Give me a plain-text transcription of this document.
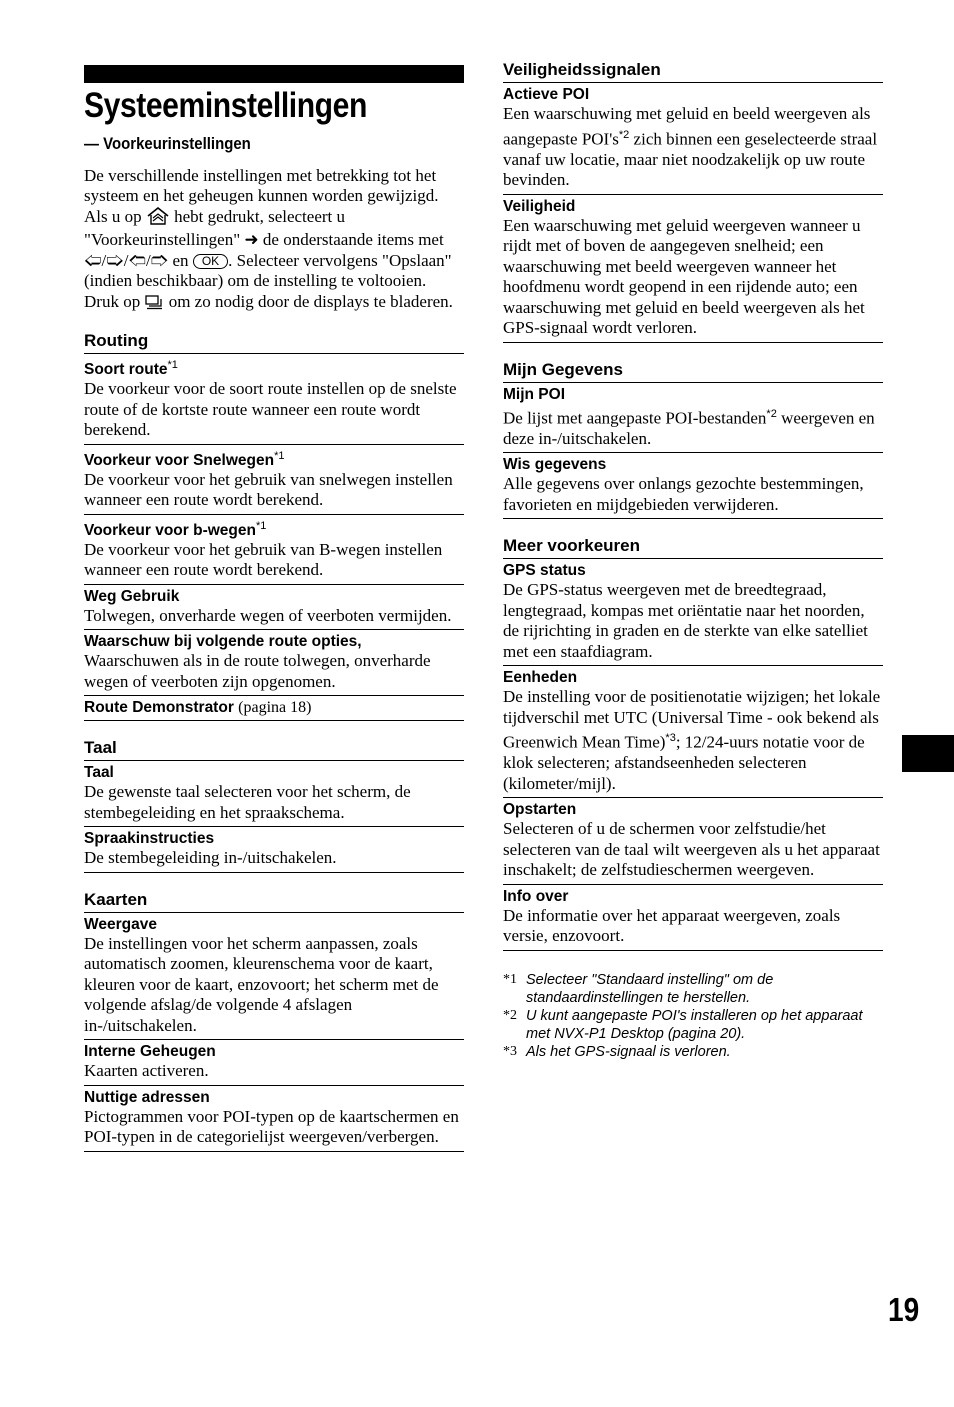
Systeeminstellingen
— Voorkeurinstellingen

De verschillende instellingen met betrekking tot het systeem en het geheugen kunnen worden gewijzigd.

Als u op hebt gedrukt, selecteert u "Voorkeurinstellingen" ➜ de onderstaande items met 🢠/🢡/🢢/🢣 en OK . Selecteer vervolgens "Opslaan" (indien beschikbaar) om de instelling te voltooien. Druk op om zo nodig door de displays te bladeren.

Routing
Soort route$^{*1}$
De voorkeur voor de soort route instellen op de snelste route of de kortste route wanneer een route wordt berekend.
Voorkeur voor Snelwegen$^{*1}$
De voorkeur voor het gebruik van snelwegen instellen wanneer een route wordt berekend.
Voorkeur voor b-wegen$^{*1}$
De voorkeur voor het gebruik van B-wegen instellen wanneer een route wordt berekend.
Weg Gebruik
Tolwegen, onverharde wegen of veerboten vermijden.
Waarschuw bij volgende route opties,
Waarschuwen als in de route tolwegen, onverharde wegen of veerboten zijn opgenomen.
Route Demonstrator (pagina 18)
Taal
Taal
De gewenste taal selecteren voor het scherm, de stembegeleiding en het spraakschema.
Spraakinstructies
De stembegeleiding in-/uitschakelen.
Kaarten
Weergave
De instellingen voor het scherm aanpassen, zoals automatisch zoomen, kleurenschema voor de kaart, kleuren voor de kaart, enzovoort; het scherm met de volgende afslag/de volgende 4 afslagen in-/uitschakelen.
Interne Geheugen
Kaarten activeren.
Nuttige adressen
Pictogrammen voor POI-typen op de kaartschermen en POI-typen in de categorielijst weergeven/verbergen.
Veiligheidssignalen
Actieve POI
Een waarschuwing met geluid en beeld weergeven als aangepaste $POI's^{*2}$ zich binnen een geselecteerde straal vanaf uw locatie, maar niet noodzakelijk op uw route bevinden.
Veiligheid
Een waarschuwing met geluid weergeven wanneer u rijdt met of boven de aangegeven snelheid; een waarschuwing met beeld weergeven wanneer het hoofdmenu wordt geopend in een rijdende auto; een waarschuwing met geluid en beeld weergeven als het GPS-signaal wordt verloren.
Mijn Gegevens
Mijn POI
De lijst met aangepaste POI-bestanden$^{*2}$ weergeven en deze in-/uitschakelen.
Wis gegevens
Alle gegevens over onlangs gezochte bestemmingen, favorieten en mijdgebieden verwijderen.
Meer voorkeuren
GPS status
De GPS-status weergeven met de breedtegraad, lengtegraad, kompas met oriëntatie naar het noorden, de rijrichting in graden en de sterkte van elke satelliet met een staafdiagram.
Eenheden
De instelling voor de positienotatie wijzigen; het lokale tijdverschil met UTC (Universal Time - ook bekend als Greenwich Mean Time)$^{*3}$; 12/24-uurs notatie voor de klok selecteren; afstandseenheden selecteren (kilometer/mijl).
Opstarten
Selecteren of u de schermen voor zelfstudie/het selecteren van de taal wilt weergeven als u het apparaat inschakelt; de zelfstudieschermen weergeven.
Info over
De informatie over het apparaat weergeven, zoals versie, enzovoort.
*1 Selecteer "Standaard instelling" om de standaardinstellingen te herstellen.
*2 U kunt aangepaste POI's installeren op het apparaat met NVX-P1 Desktop (pagina 20).
*3 Als het GPS-signaal is verloren.
19
